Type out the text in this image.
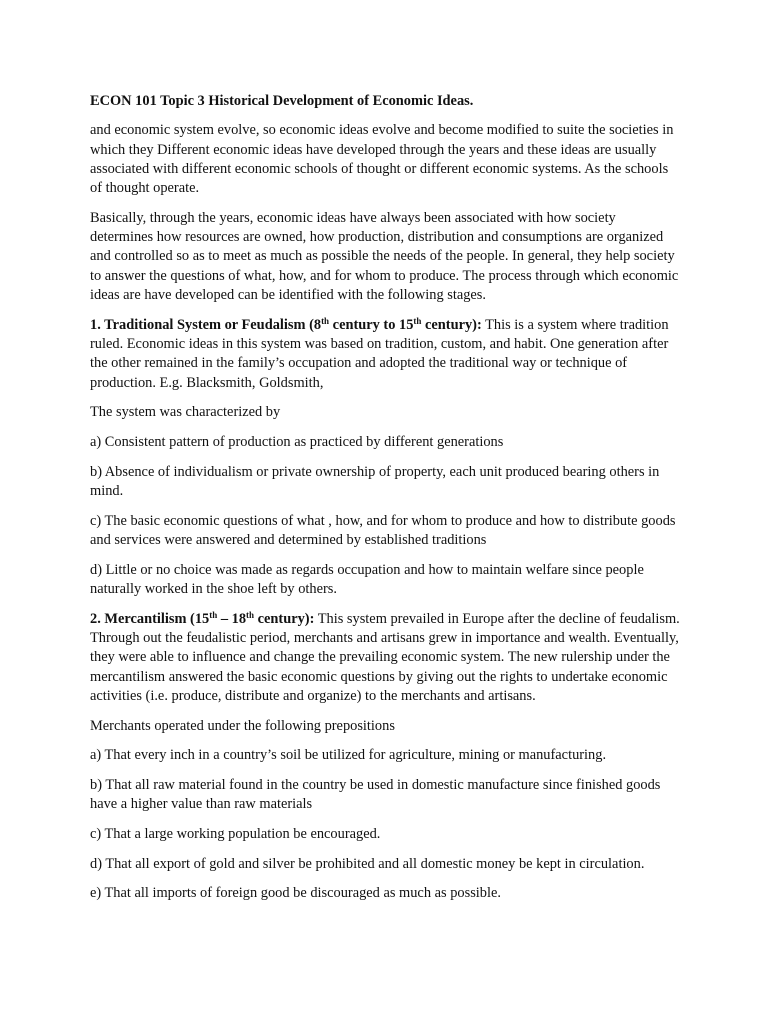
ECON 101 Topic 3 Historical Development of Economic Ideas.

and economic system evolve, so economic ideas evolve and become modified to suite the societies in which they Different economic ideas have developed through the years and these ideas are usually associated with different economic schools of thought or different economic systems. As the schools of thought operate.

Basically, through the years, economic ideas have always been associated with how society determines how resources are owned, how production, distribution and consumptions are organized and controlled so as to meet as much as possible the needs of the people. In general, they help society to answer the questions of what, how, and for whom to produce. The process through which economic ideas are have developed can be identified with the following stages.

1. Traditional System or Feudalism (8th century to 15th century): This is a system where tradition ruled. Economic ideas in this system was based on tradition, custom, and habit. One generation after the other remained in the family’s occupation and adopted the traditional way or technique of production. E.g. Blacksmith, Goldsmith,

The system was characterized by

a) Consistent pattern of production as practiced by different generations

b) Absence of individualism or private ownership of property, each unit produced bearing others in mind.

c) The basic economic questions of what , how, and for whom to produce and how to distribute goods and services were answered and determined by established traditions

d) Little or no choice was made as regards occupation and how to maintain welfare since people naturally worked in the shoe left by others.

2. Mercantilism (15th – 18th century): This system prevailed in Europe after the decline of feudalism. Through out the feudalistic period, merchants and artisans grew in importance and wealth. Eventually, they were able to influence and change the prevailing economic system. The new rulership under the mercantilism answered the basic economic questions by giving out the rights to undertake economic activities (i.e. produce, distribute and organize) to the merchants and artisans.

Merchants operated under the following prepositions

a) That every inch in a country’s soil be utilized for agriculture, mining or manufacturing.

b) That all raw material found in the country be used in domestic manufacture since finished goods have a higher value than raw materials

c) That a large working population be encouraged.

d) That all export of gold and silver be prohibited and all domestic money be kept in circulation.

e) That all imports of foreign good be discouraged as much as possible.
